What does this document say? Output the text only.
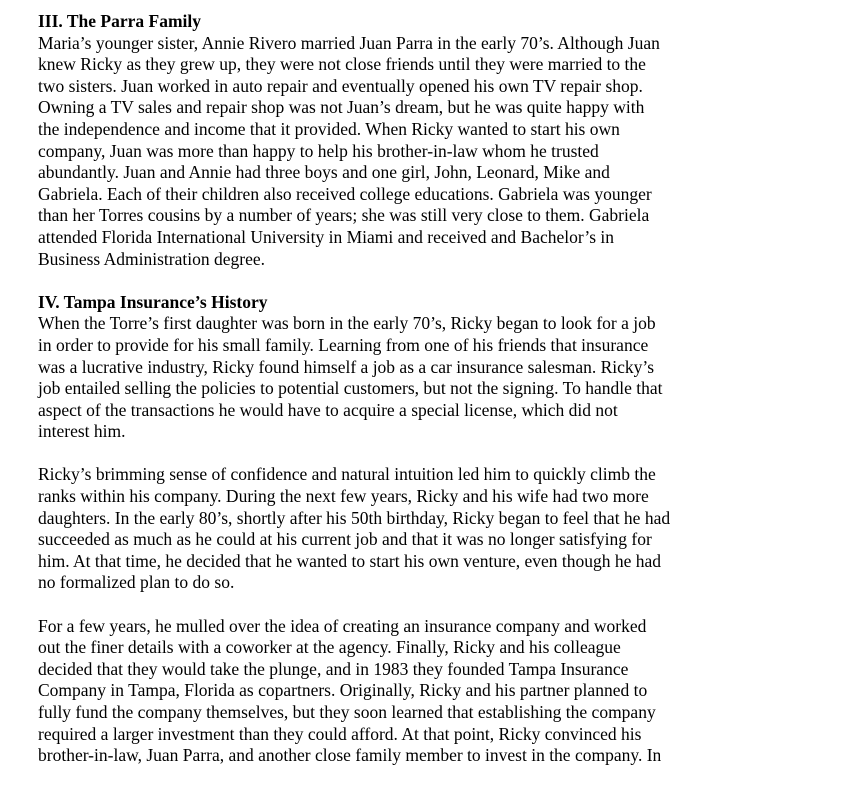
III. The Parra Family
Maria’s younger sister, Annie Rivero married Juan Parra in the early 70’s. Although Juan
knew Ricky as they grew up, they were not close friends until they were married to the
two sisters. Juan worked in auto repair and eventually opened his own TV repair shop.
Owning a TV sales and repair shop was not Juan’s dream, but he was quite happy with
the independence and income that it provided. When Ricky wanted to start his own
company, Juan was more than happy to help his brother-in-law whom he trusted
abundantly. Juan and Annie had three boys and one girl, John, Leonard, Mike and
Gabriela. Each of their children also received college educations. Gabriela was younger
than her Torres cousins by a number of years; she was still very close to them. Gabriela
attended Florida International University in Miami and received and Bachelor’s in
Business Administration degree.
IV. Tampa Insurance’s History
When the Torre’s first daughter was born in the early 70’s, Ricky began to look for a job
in order to provide for his small family. Learning from one of his friends that insurance
was a lucrative industry, Ricky found himself a job as a car insurance salesman. Ricky’s
job entailed selling the policies to potential customers, but not the signing. To handle that
aspect of the transactions he would have to acquire a special license, which did not
interest him.
Ricky’s brimming sense of confidence and natural intuition led him to quickly climb the
ranks within his company. During the next few years, Ricky and his wife had two more
daughters. In the early 80’s, shortly after his 50th birthday, Ricky began to feel that he had
succeeded as much as he could at his current job and that it was no longer satisfying for
him. At that time, he decided that he wanted to start his own venture, even though he had
no formalized plan to do so.
For a few years, he mulled over the idea of creating an insurance company and worked
out the finer details with a coworker at the agency. Finally, Ricky and his colleague
decided that they would take the plunge, and in 1983 they founded Tampa Insurance
Company in Tampa, Florida as copartners. Originally, Ricky and his partner planned to
fully fund the company themselves, but they soon learned that establishing the company
required a larger investment than they could afford. At that point, Ricky convinced his
brother-in-law, Juan Parra, and another close family member to invest in the company. In
